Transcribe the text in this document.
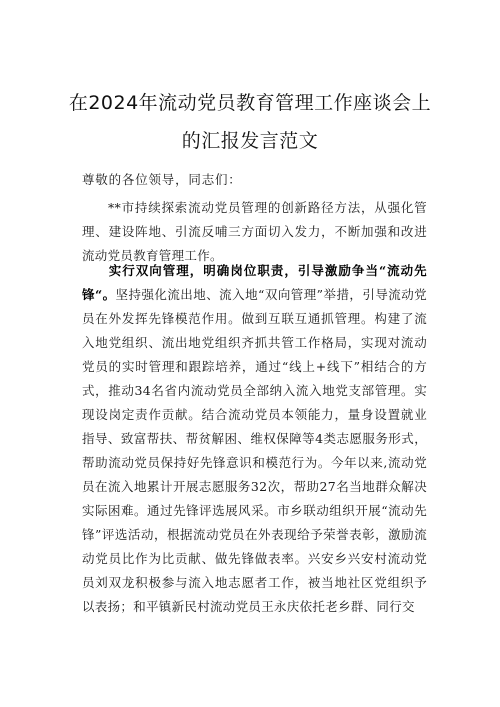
在2024年流动党员教育管理工作座谈会上
的汇报发言范文
尊敬的各位领导，同志们：
**市持续探索流动党员管理的创新路径方法，从强化管理、建设阵地、引流反哺三方面切入发力，不断加强和改进流动党员教育管理工作。
实行双向管理，明确岗位职责，引导激励争当“流动先锋“。坚持强化流出地、流入地“双向管理”举措，引导流动党员在外发挥先锋模范作用。做到互联互通抓管理。构建了流入地党组织、流出地党组织齐抓共管工作格局，实现对流动党员的实时管理和跟踪培养，通过“线上+线下”相结合的方式，推动34名省内流动党员全部纳入流入地党支部管理。实现设岗定责作贡献。结合流动党员本领能力，量身设置就业指导、致富帮扶、帮贫解困、维权保障等4类志愿服务形式，帮助流动党员保持好先锋意识和模范行为。今年以来,流动党员在流入地累计开展志愿服务32次，帮助27名当地群众解决实际困难。通过先锋评选展风采。市乡联动组织开展“流动先锋”评选活动，根据流动党员在外表现给予荣誉表彰，激励流动党员比作为比贡献、做先锋做表率。兴安乡兴安村流动党员刘双龙积极参与流入地志愿者工作，被当地社区党组织予以表扬；和平镇新民村流动党员王永庆依托老乡群、同行交
